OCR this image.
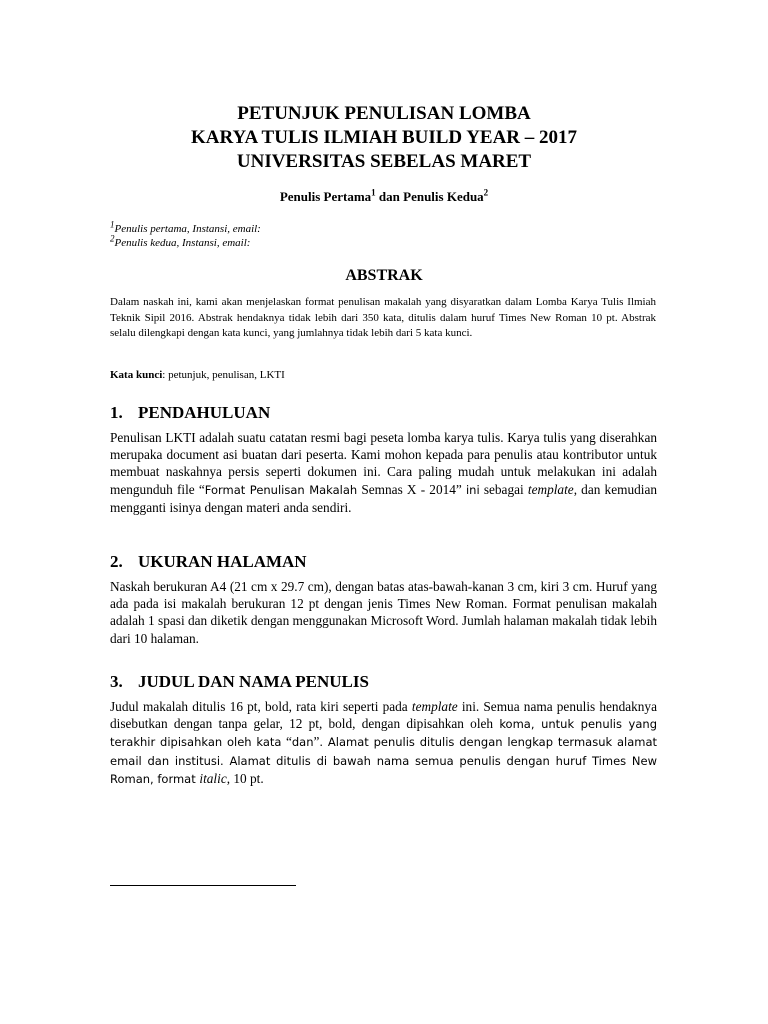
PETUNJUK PENULISAN LOMBA
KARYA TULIS ILMIAH BUILD YEAR – 2017
UNIVERSITAS SEBELAS MARET
Penulis Pertama$^1$ dan Penulis Kedua$^2$
$^1$Penulis pertama, Instansi, email:
$^2$Penulis kedua, Instansi, email:
ABSTRAK
Dalam naskah ini, kami akan menjelaskan format penulisan makalah yang disyaratkan dalam Lomba Karya Tulis Ilmiah Teknik Sipil 2016. Abstrak hendaknya tidak lebih dari 350 kata, ditulis dalam huruf Times New Roman 10 pt. Abstrak selalu dilengkapi dengan kata kunci, yang jumlahnya tidak lebih dari 5 kata kunci.
Kata kunci: petunjuk, penulisan, LKTI
1. PENDAHULUAN
Penulisan LKTI adalah suatu catatan resmi bagi peseta lomba karya tulis. Karya tulis yang diserahkan merupaka document asi buatan dari peserta. Kami mohon kepada para penulis atau kontributor untuk membuat naskahnya persis seperti dokumen ini. Cara paling mudah untuk melakukan ini adalah mengunduh file “Format Penulisan Makalah Semnas X - 2014” ini sebagai template, dan kemudian mengganti isinya dengan materi anda sendiri.
2. UKURAN HALAMAN
Naskah berukuran A4 (21 cm x 29.7 cm), dengan batas atas-bawah-kanan 3 cm, kiri 3 cm. Huruf yang ada pada isi makalah berukuran 12 pt dengan jenis Times New Roman. Format penulisan makalah adalah 1 spasi dan diketik dengan menggunakan Microsoft Word. Jumlah halaman makalah tidak lebih dari 10 halaman.
3. JUDUL DAN NAMA PENULIS
Judul makalah ditulis 16 pt, bold, rata kiri seperti pada template ini. Semua nama penulis hendaknya disebutkan dengan tanpa gelar, 12 pt, bold, dengan dipisahkan oleh koma, untuk penulis yang terakhir dipisahkan oleh kata “dan”. Alamat penulis ditulis dengan lengkap termasuk alamat email dan institusi. Alamat ditulis di bawah nama semua penulis dengan huruf Times New Roman, format italic, 10 pt.
